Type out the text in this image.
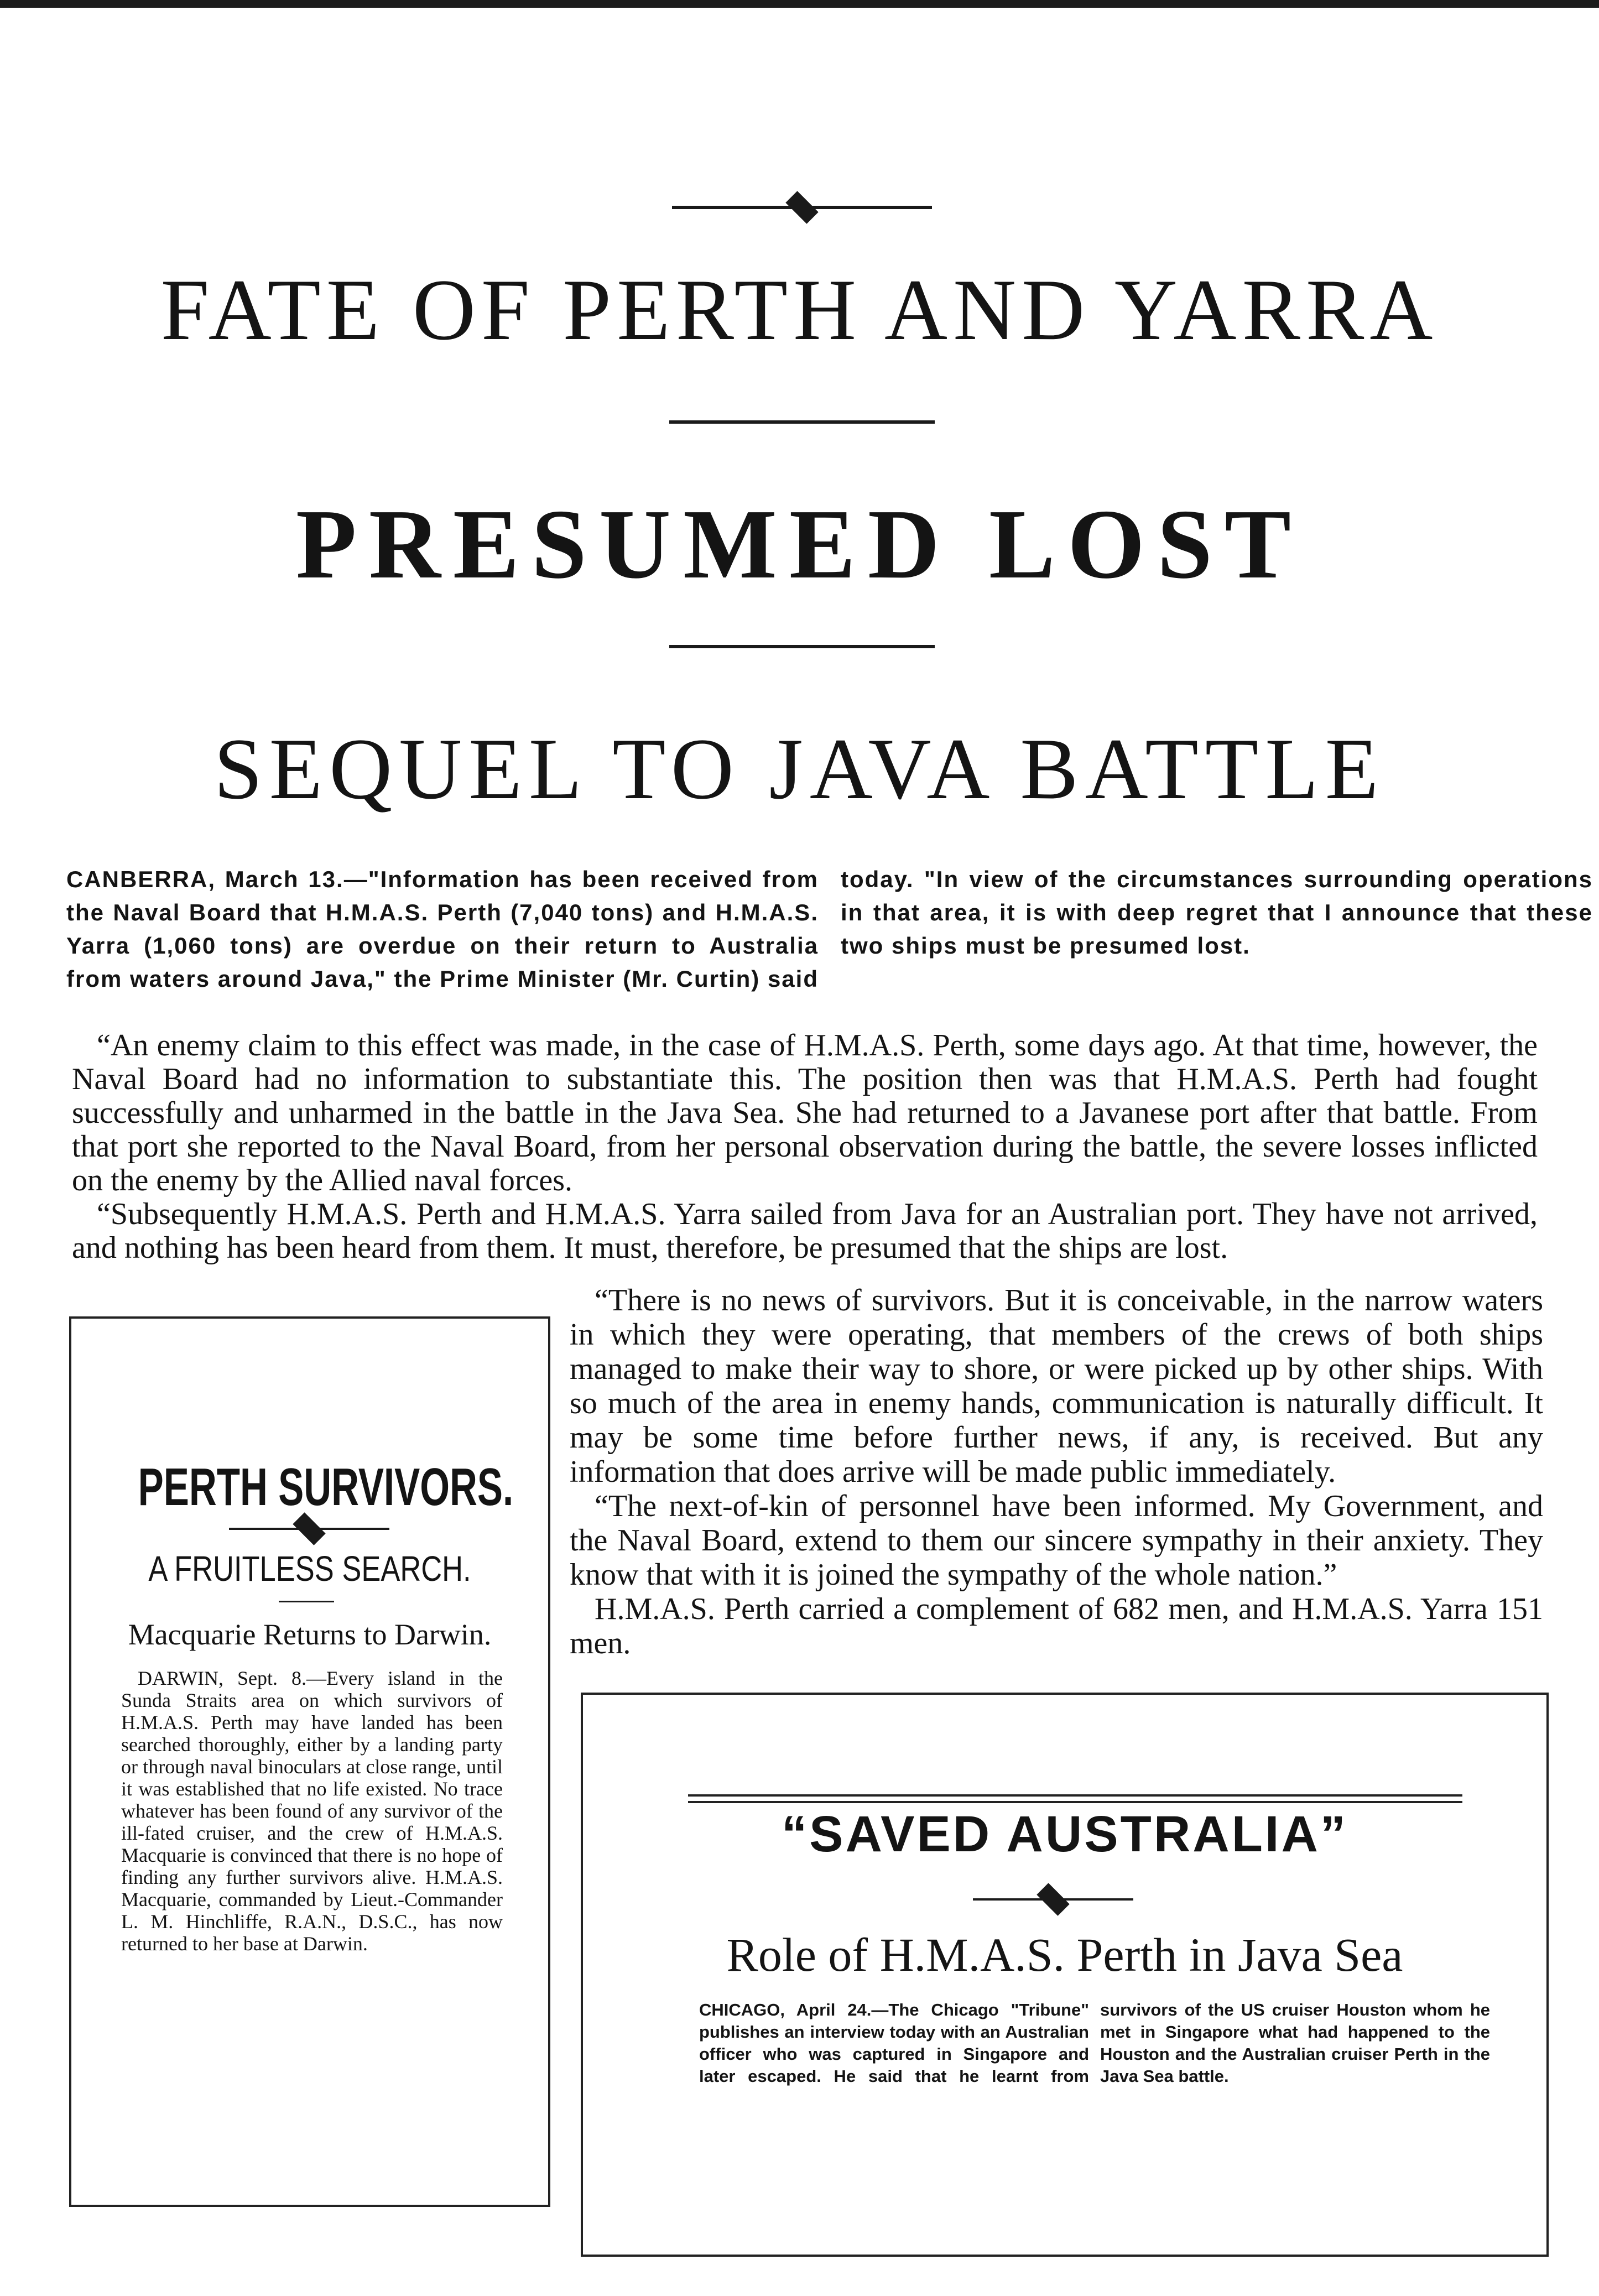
FATE OF PERTH AND YARRA
PRESUMED LOST
SEQUEL TO JAVA BATTLE

CANBERRA, March 13.—"Information has been received from the Naval Board that H.M.A.S. Perth (7,040 tons) and H.M.A.S. Yarra (1,060 tons) are overdue on their return to Australia from waters around Java," the Prime Minister (Mr. Curtin) said today. "In view of the circumstances surrounding operations in that area, it is with deep regret that I announce that these two ships must be presumed lost.

“An enemy claim to this effect was made, in the case of H.M.A.S. Perth, some days ago. At that time, however, the Naval Board had no information to substantiate this. The position then was that H.M.A.S. Perth had fought successfully and unharmed in the battle in the Java Sea. She had returned to a Javanese port after that battle. From that port she reported to the Naval Board, from her personal observation during the battle, the severe losses inflicted on the enemy by the Allied naval forces.

“Subsequently H.M.A.S. Perth and H.M.A.S. Yarra sailed from Java for an Australian port. They have not arrived, and nothing has been heard from them. It must, therefore, be presumed that the ships are lost.

“There is no news of survivors. But it is conceivable, in the narrow waters in which they were operating, that members of the crews of both ships managed to make their way to shore, or were picked up by other ships. With so much of the area in enemy hands, communication is naturally difficult. It may be some time before further news, if any, is received. But any information that does arrive will be made public immediately.

“The next-of-kin of personnel have been informed. My Government, and the Naval Board, extend to them our sincere sympathy in their anxiety. They know that with it is joined the sympathy of the whole nation.”

H.M.A.S. Perth carried a complement of 682 men, and H.M.A.S. Yarra 151 men.

PERTH SURVIVORS.

A FRUITLESS SEARCH.

Macquarie Returns to Darwin.

DARWIN, Sept. 8.—Every island in the Sunda Straits area on which survivors of H.M.A.S. Perth may have landed has been searched thoroughly, either by a landing party or through naval binoculars at close range, until it was established that no life existed. No trace whatever has been found of any survivor of the ill-fated cruiser, and the crew of H.M.A.S. Macquarie is convinced that there is no hope of finding any further survivors alive. H.M.A.S. Macquarie, commanded by Lieut.-Commander L. M. Hinchliffe, R.A.N., D.S.C., has now returned to her base at Darwin.

“SAVED AUSTRALIA”

Role of H.M.A.S. Perth in Java Sea

CHICAGO, April 24.—The Chicago "Tribune" publishes an interview today with an Australian officer who was captured in Singapore and later escaped. He said that he learnt from survivors of the US cruiser Houston whom he met in Singapore what had happened to the Houston and the Australian cruiser Perth in the Java Sea battle.
